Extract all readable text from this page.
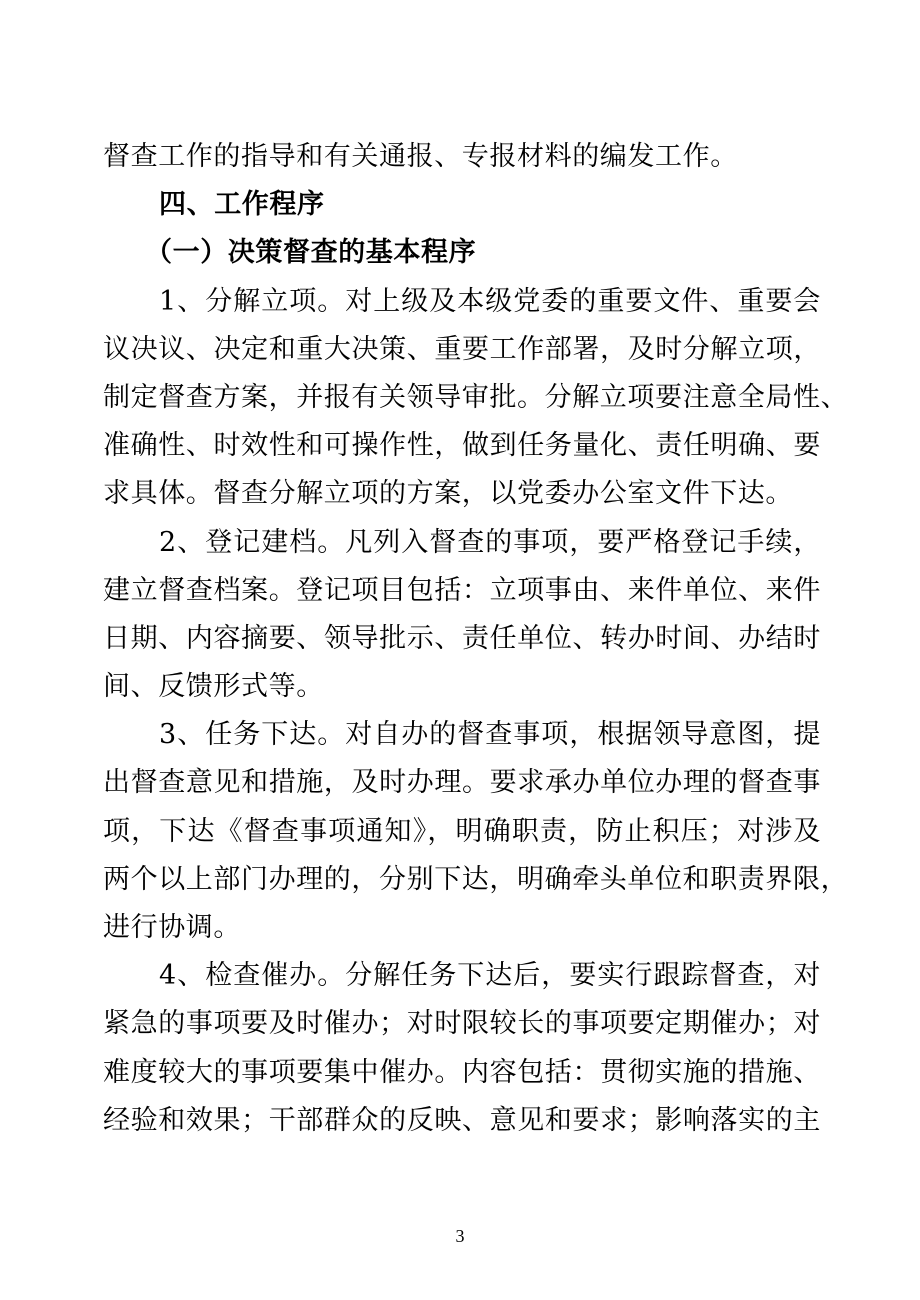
督查工作的指导和有关通报、专报材料的编发工作。
四、工作程序
（一）决策督查的基本程序
1、分解立项。对上级及本级党委的重要文件、重要会
议决议、决定和重大决策、重要工作部署，及时分解立项，
制定督查方案，并报有关领导审批。分解立项要注意全局性、
准确性、时效性和可操作性，做到任务量化、责任明确、要
求具体。督查分解立项的方案，以党委办公室文件下达。
2、登记建档。凡列入督查的事项，要严格登记手续，
建立督查档案。登记项目包括：立项事由、来件单位、来件
日期、内容摘要、领导批示、责任单位、转办时间、办结时
间、反馈形式等。
3、任务下达。对自办的督查事项，根据领导意图，提
出督查意见和措施，及时办理。要求承办单位办理的督查事
项，下达《督查事项通知》，明确职责，防止积压；对涉及
两个以上部门办理的，分别下达，明确牵头单位和职责界限，
进行协调。
4、检查催办。分解任务下达后，要实行跟踪督查，对
紧急的事项要及时催办；对时限较长的事项要定期催办；对
难度较大的事项要集中催办。内容包括：贯彻实施的措施、
经验和效果；干部群众的反映、意见和要求；影响落实的主
3
